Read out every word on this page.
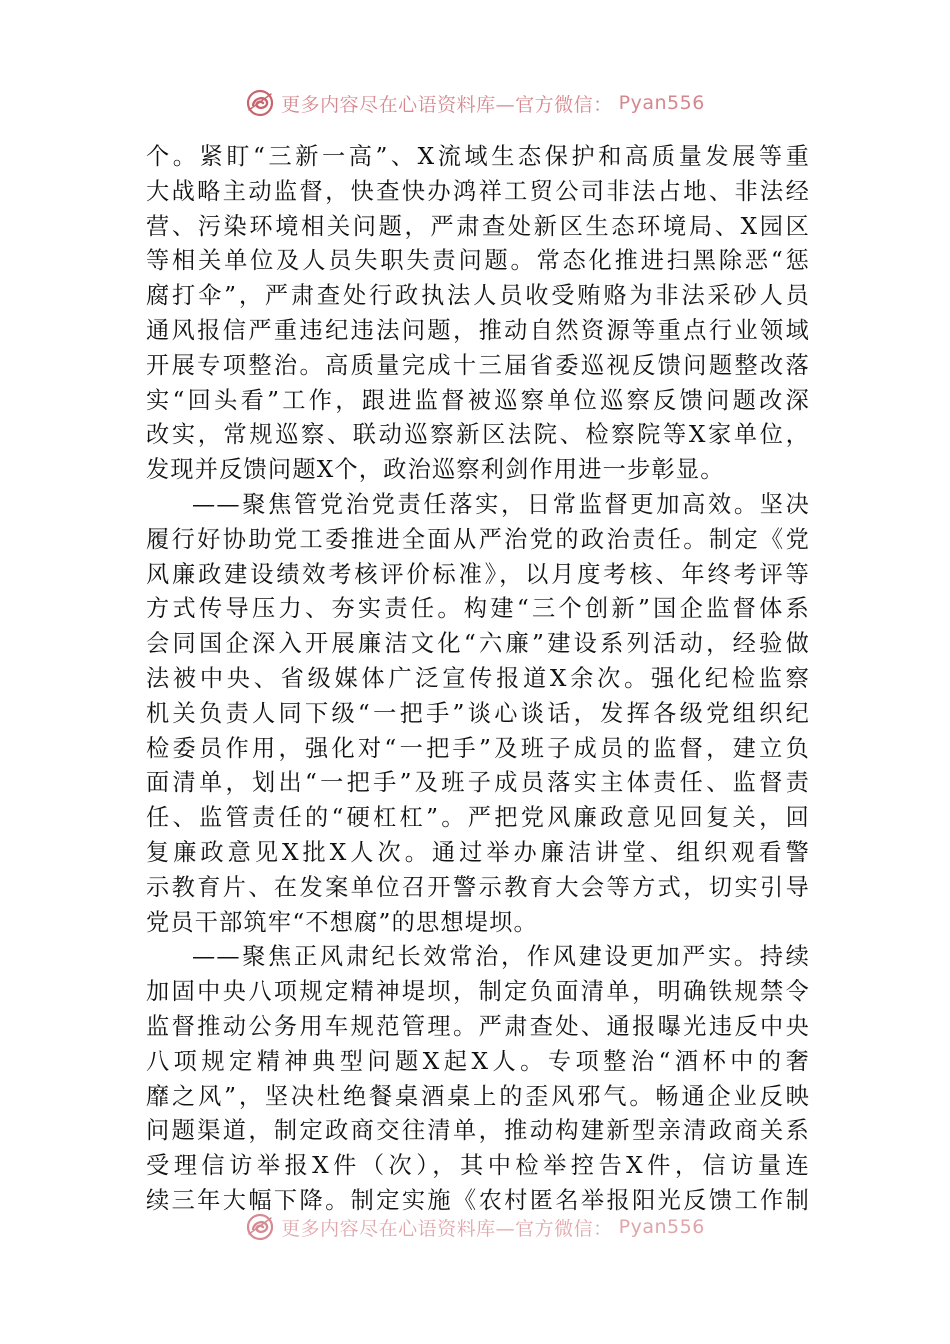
更多内容尽在心语资料库—官方微信： Pyan556
个。紧盯“三新一高”、X流域生态保护和高质量发展等重
大战略主动监督，快查快办鸿祥工贸公司非法占地、非法经
营、污染环境相关问题，严肃查处新区生态环境局、X园区
等相关单位及人员失职失责问题。常态化推进扫黑除恶“惩
腐打伞”，严肃查处行政执法人员收受贿赂为非法采砂人员
通风报信严重违纪违法问题，推动自然资源等重点行业领域
开展专项整治。高质量完成十三届省委巡视反馈问题整改落
实“回头看”工作，跟进监督被巡察单位巡察反馈问题改深
改实，常规巡察、联动巡察新区法院、检察院等X家单位，
发现并反馈问题X个，政治巡察利剑作用进一步彰显。
——聚焦管党治党责任落实，日常监督更加高效。坚决
履行好协助党工委推进全面从严治党的政治责任。制定《党
风廉政建设绩效考核评价标准》，以月度考核、年终考评等
方式传导压力、夯实责任。构建“三个创新”国企监督体系
会同国企深入开展廉洁文化“六廉”建设系列活动，经验做
法被中央、省级媒体广泛宣传报道X余次。强化纪检监察
机关负责人同下级“一把手”谈心谈话，发挥各级党组织纪
检委员作用，强化对“一把手”及班子成员的监督，建立负
面清单，划出“一把手”及班子成员落实主体责任、监督责
任、监管责任的“硬杠杠”。严把党风廉政意见回复关，回
复廉政意见X批X人次。通过举办廉洁讲堂、组织观看警
示教育片、在发案单位召开警示教育大会等方式，切实引导
党员干部筑牢“不想腐”的思想堤坝。
——聚焦正风肃纪长效常治，作风建设更加严实。持续
加固中央八项规定精神堤坝，制定负面清单，明确铁规禁令
监督推动公务用车规范管理。严肃查处、通报曝光违反中央
八项规定精神典型问题X起X人。专项整治“酒杯中的奢
靡之风”，坚决杜绝餐桌酒桌上的歪风邪气。畅通企业反映
问题渠道，制定政商交往清单，推动构建新型亲清政商关系
受理信访举报X件（次），其中检举控告X件，信访量连
续三年大幅下降。制定实施《农村匿名举报阳光反馈工作制
更多内容尽在心语资料库—官方微信： Pyan556
